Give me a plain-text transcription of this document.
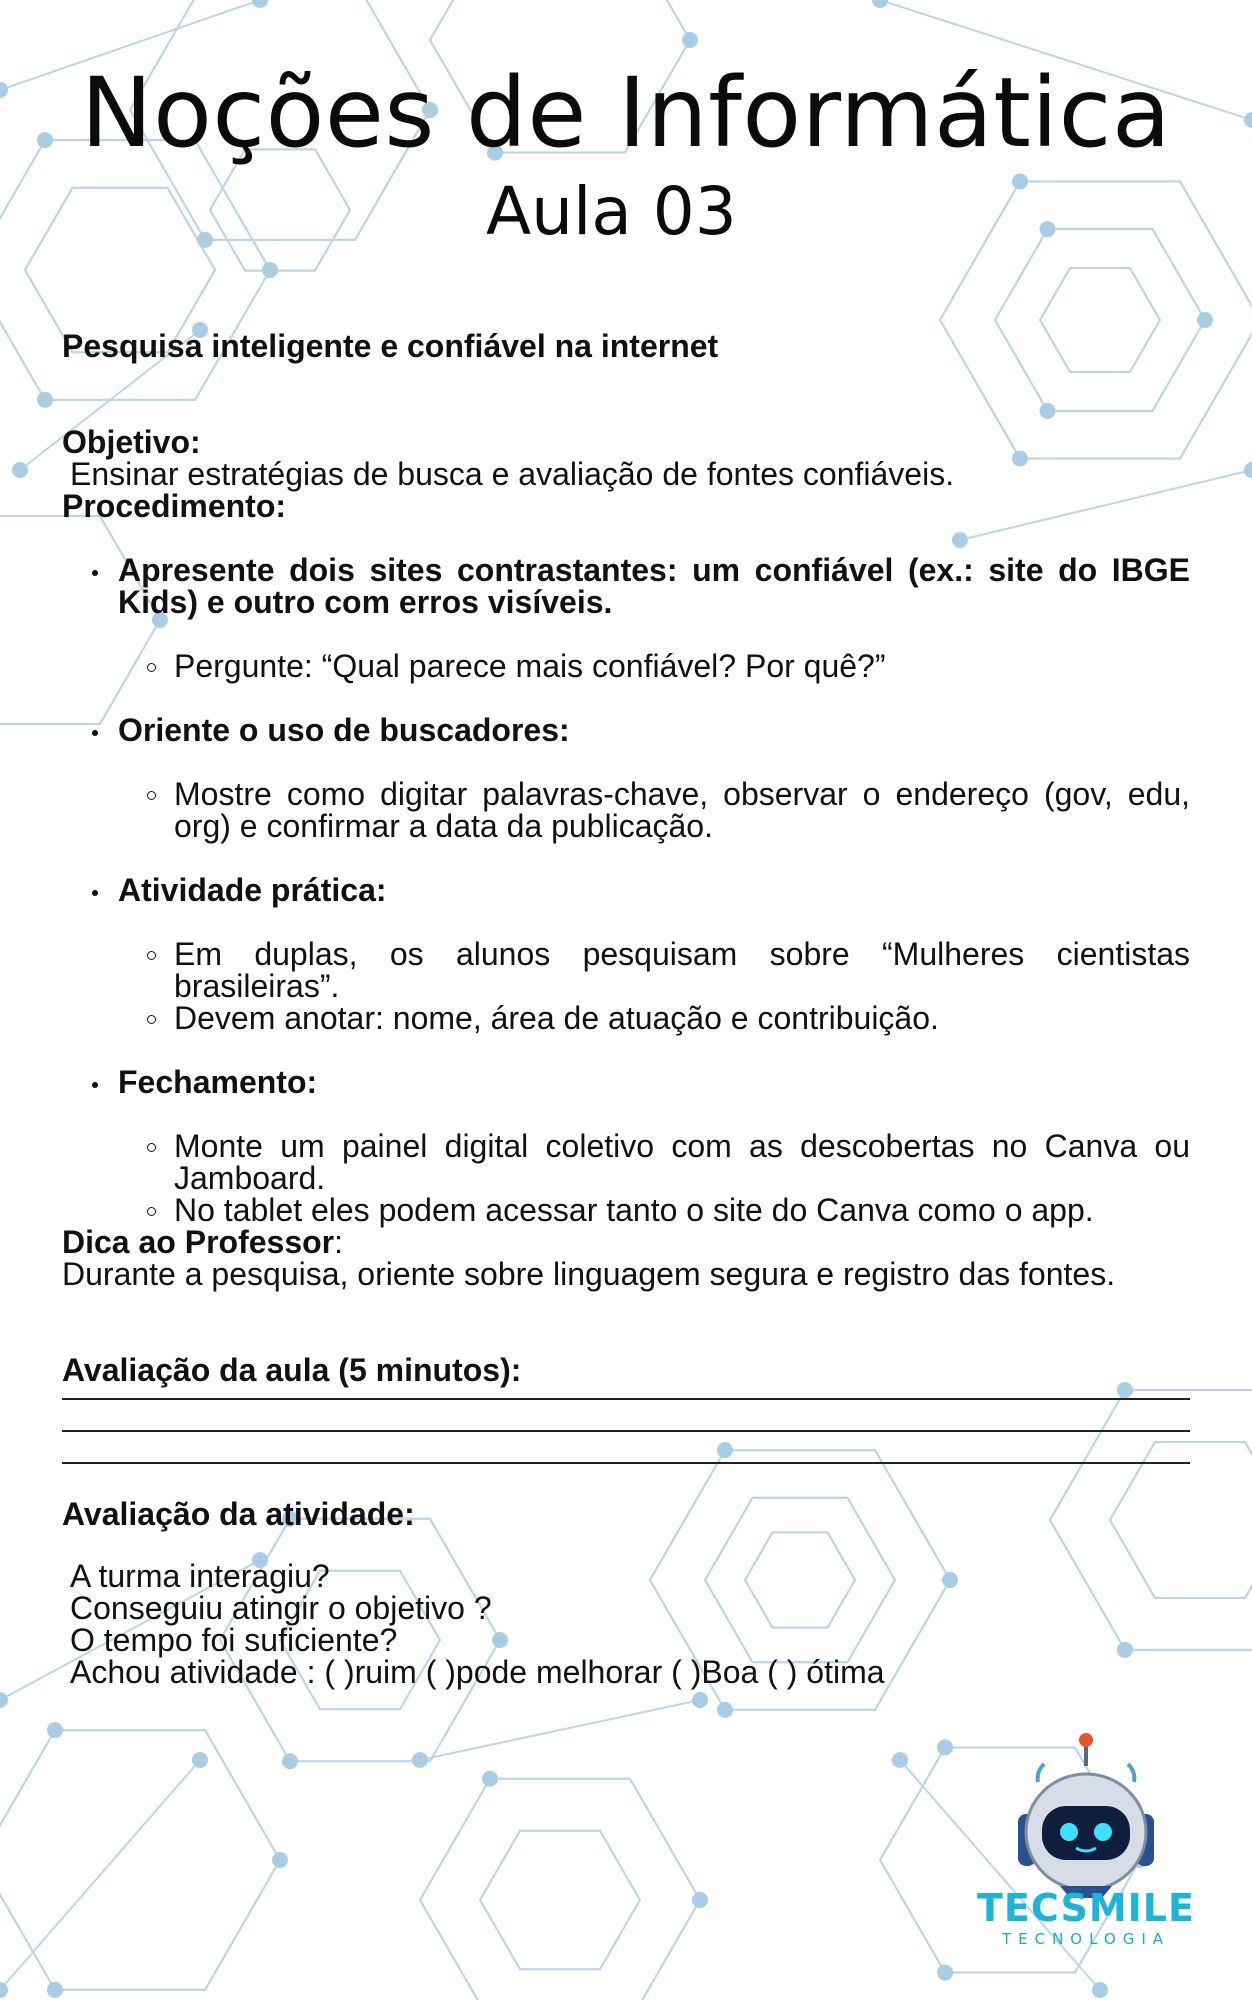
Noções de Informática
Aula 03

Pesquisa inteligente e confiável na internet

Objetivo:

Ensinar estratégias de busca e avaliação de fontes confiáveis.

Procedimento:

Apresente dois sites contrastantes: um confiável (ex.: site do IBGE Kids) e outro com erros visíveis.
Pergunte: “Qual parece mais confiável? Por quê?”
Oriente o uso de buscadores:
Mostre como digitar palavras-chave, observar o endereço (gov, edu, org) e confirmar a data da publicação.
Atividade prática:
Em duplas, os alunos pesquisam sobre “Mulheres cientistas brasileiras”.
Devem anotar: nome, área de atuação e contribuição.
Fechamento:
Monte um painel digital coletivo com as descobertas no Canva ou Jamboard.
No tablet eles podem acessar tanto o site do Canva como o app.

Dica ao Professor:

Durante a pesquisa, oriente sobre linguagem segura e registro das fontes.

Avaliação da aula (5 minutos):

Avaliação da atividade:

A turma interagiu?

Conseguiu atingir o objetivo ?

O tempo foi suficiente?

Achou atividade : ( )ruim ( )pode melhorar ( )Boa ( ) ótima

TECSMILE
TECNOLOGIA
